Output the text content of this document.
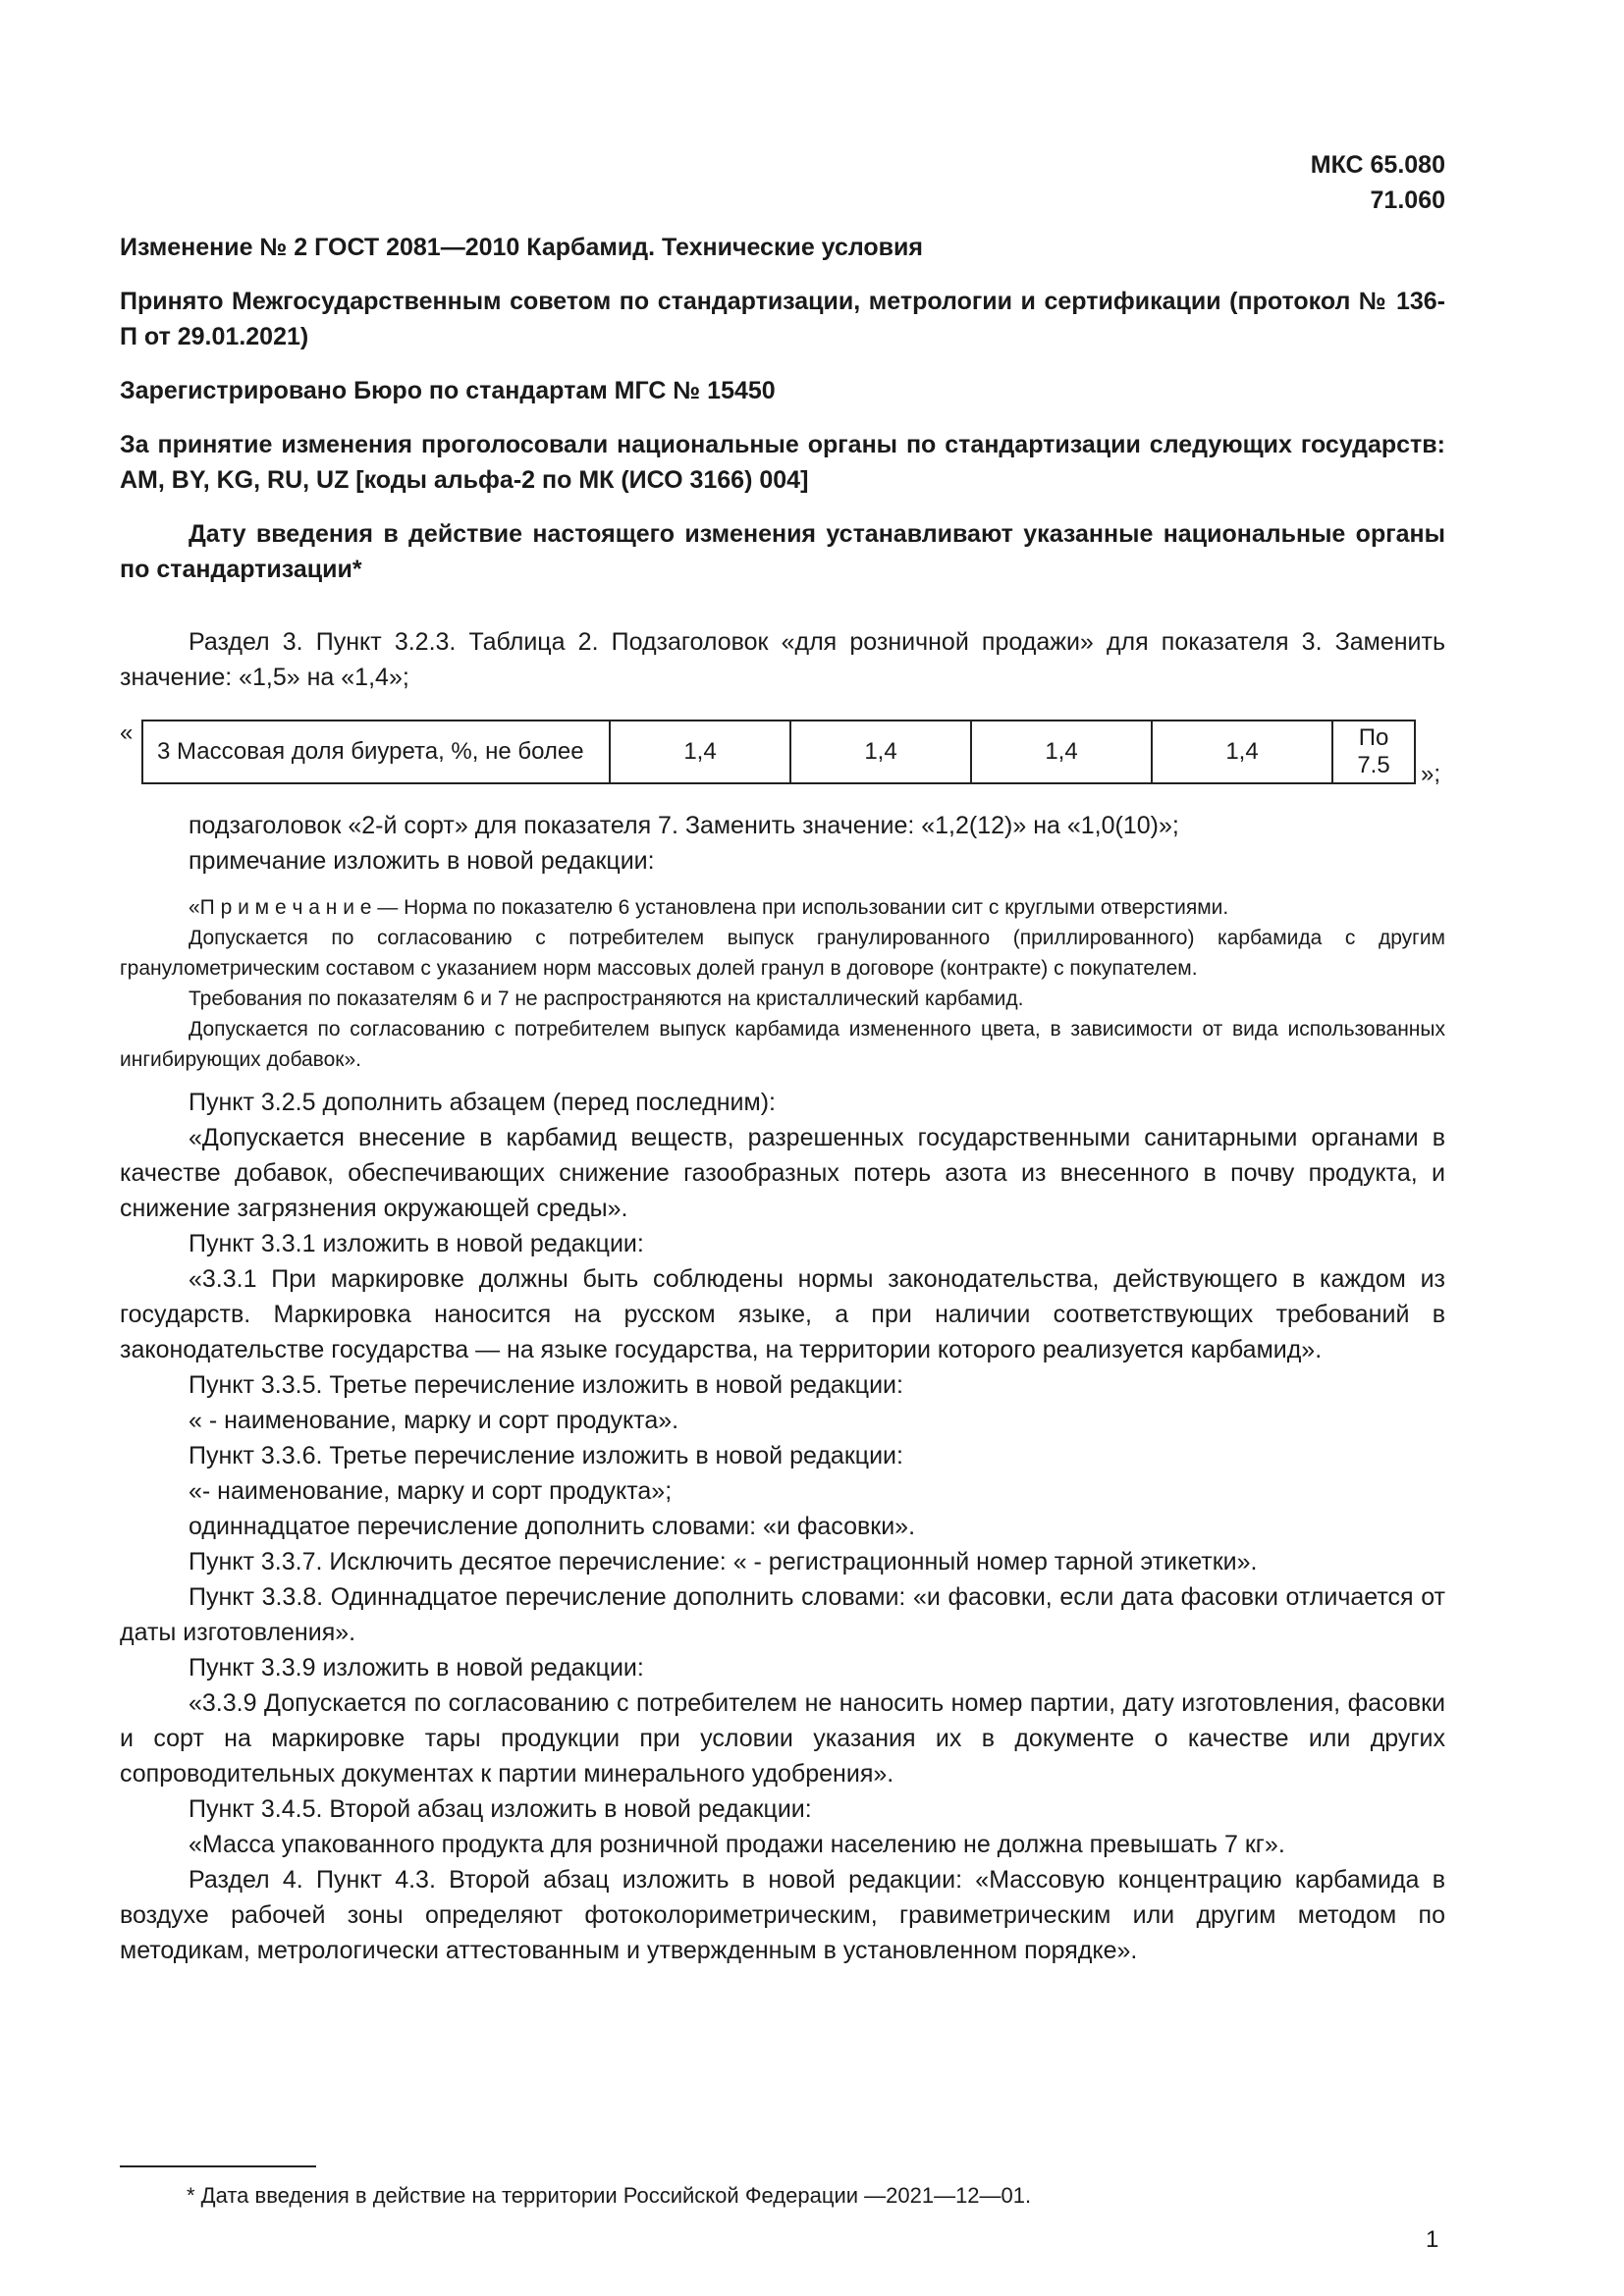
МКС 65.080
71.060
Изменение № 2 ГОСТ 2081—2010 Карбамид. Технические условия
Принято Межгосударственным советом по стандартизации, метрологии и сертификации (протокол № 136-П от 29.01.2021)
Зарегистрировано Бюро по стандартам МГС № 15450
За принятие изменения проголосовали национальные органы по стандартизации следующих государств: AM, BY, KG, RU, UZ [коды альфа-2 по МК (ИСО 3166) 004]
Дату введения в действие настоящего изменения устанавливают указанные национальные органы по стандартизации*
Раздел 3. Пункт 3.2.3. Таблица 2. Подзаголовок «для розничной продажи» для показателя 3. Заменить значение: «1,5» на «1,4»;
«
3 Массовая доля биурета, %, не более	1,4	1,4	1,4	1,4	По 7.5 »;
подзаголовок «2-й сорт» для показателя 7. Заменить значение: «1,2(12)» на «1,0(10)»;
примечание изложить в новой редакции:
«П р и м е ч а н и е — Норма по показателю 6 установлена при использовании сит с круглыми отверстиями.
Допускается по согласованию с потребителем выпуск гранулированного (приллированного) карбамида с другим гранулометрическим составом с указанием норм массовых долей гранул в договоре (контракте) с покупателем.
Требования по показателям 6 и 7 не распространяются на кристаллический карбамид.
Допускается по согласованию с потребителем выпуск карбамида измененного цвета, в зависимости от вида использованных ингибирующих добавок».
Пункт 3.2.5 дополнить абзацем (перед последним):
«Допускается внесение в карбамид веществ, разрешенных государственными санитарными органами в качестве добавок, обеспечивающих снижение газообразных потерь азота из внесенного в почву продукта, и снижение загрязнения окружающей среды».
Пункт 3.3.1 изложить в новой редакции:
«3.3.1 При маркировке должны быть соблюдены нормы законодательства, действующего в каждом из государств. Маркировка наносится на русском языке, а при наличии соответствующих требований в законодательстве государства — на языке государства, на территории которого реализуется карбамид».
Пункт 3.3.5. Третье перечисление изложить в новой редакции:
« - наименование, марку и сорт продукта».
Пункт 3.3.6. Третье перечисление изложить в новой редакции:
«- наименование, марку и сорт продукта»;
одиннадцатое перечисление дополнить словами: «и фасовки».
Пункт 3.3.7. Исключить десятое перечисление: « - регистрационный номер тарной этикетки».
Пункт 3.3.8. Одиннадцатое перечисление дополнить словами: «и фасовки, если дата фасовки отличается от даты изготовления».
Пункт 3.3.9 изложить в новой редакции:
«3.3.9 Допускается по согласованию с потребителем не наносить номер партии, дату изготовления, фасовки и сорт на маркировке тары продукции при условии указания их в документе о качестве или других сопроводительных документах к партии минерального удобрения».
Пункт 3.4.5. Второй абзац изложить в новой редакции:
«Масса упакованного продукта для розничной продажи населению не должна превышать 7 кг».
Раздел 4. Пункт 4.3. Второй абзац изложить в новой редакции: «Массовую концентрацию карбамида в воздухе рабочей зоны определяют фотоколориметрическим, гравиметрическим или другим методом по методикам, метрологически аттестованным и утвержденным в установленном порядке».
* Дата введения в действие на территории Российской Федерации —2021—12—01.
1
